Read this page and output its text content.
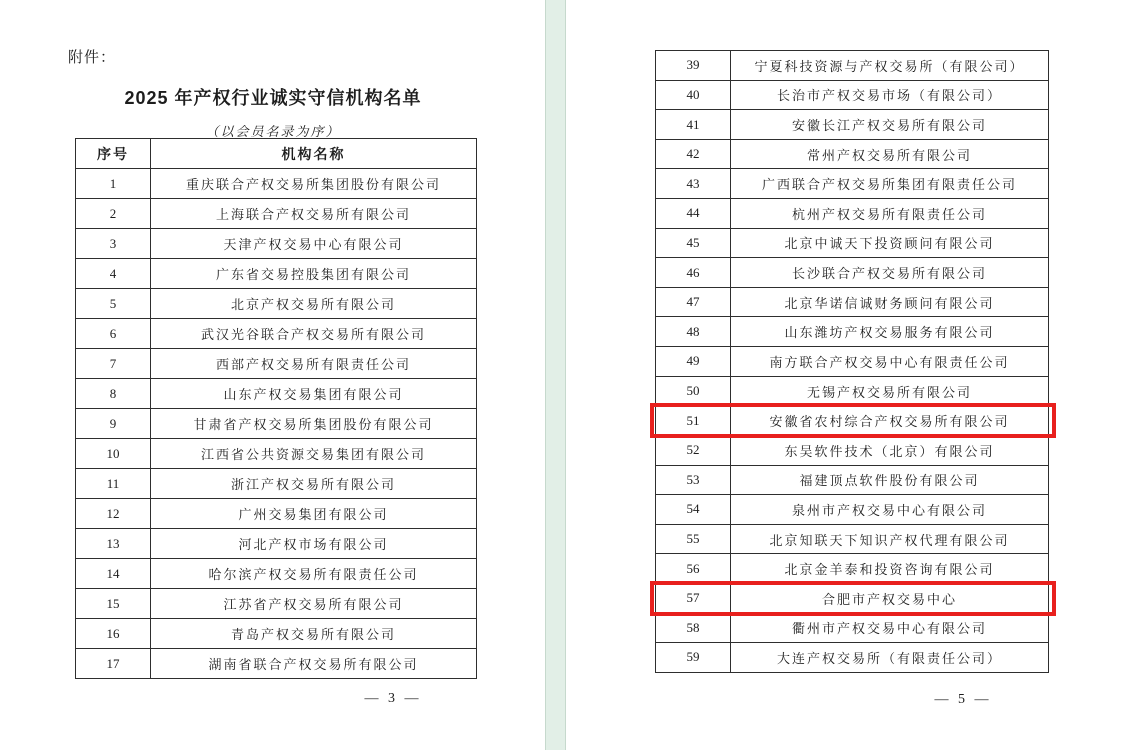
附件：
2025 年产权行业诚实守信机构名单
（以会员名录为序）
序号	机构名称
1	重庆联合产权交易所集团股份有限公司
2	上海联合产权交易所有限公司
3	天津产权交易中心有限公司
4	广东省交易控股集团有限公司
5	北京产权交易所有限公司
6	武汉光谷联合产权交易所有限公司
7	西部产权交易所有限责任公司
8	山东产权交易集团有限公司
9	甘肃省产权交易所集团股份有限公司
10	江西省公共资源交易集团有限公司
11	浙江产权交易所有限公司
12	广州交易集团有限公司
13	河北产权市场有限公司
14	哈尔滨产权交易所有限责任公司
15	江苏省产权交易所有限公司
16	青岛产权交易所有限公司
17	湖南省联合产权交易所有限公司
39	宁夏科技资源与产权交易所（有限公司）
40	长治市产权交易市场（有限公司）
41	安徽长江产权交易所有限公司
42	常州产权交易所有限公司
43	广西联合产权交易所集团有限责任公司
44	杭州产权交易所有限责任公司
45	北京中诚天下投资顾问有限公司
46	长沙联合产权交易所有限公司
47	北京华诺信诚财务顾问有限公司
48	山东潍坊产权交易服务有限公司
49	南方联合产权交易中心有限责任公司
50	无锡产权交易所有限公司
51	安徽省农村综合产权交易所有限公司
52	东吴软件技术（北京）有限公司
53	福建顶点软件股份有限公司
54	泉州市产权交易中心有限公司
55	北京知联天下知识产权代理有限公司
56	北京金羊泰和投资咨询有限公司
57	合肥市产权交易中心
58	衢州市产权交易中心有限公司
59	大连产权交易所（有限责任公司）
— 3 —	— 5 —
